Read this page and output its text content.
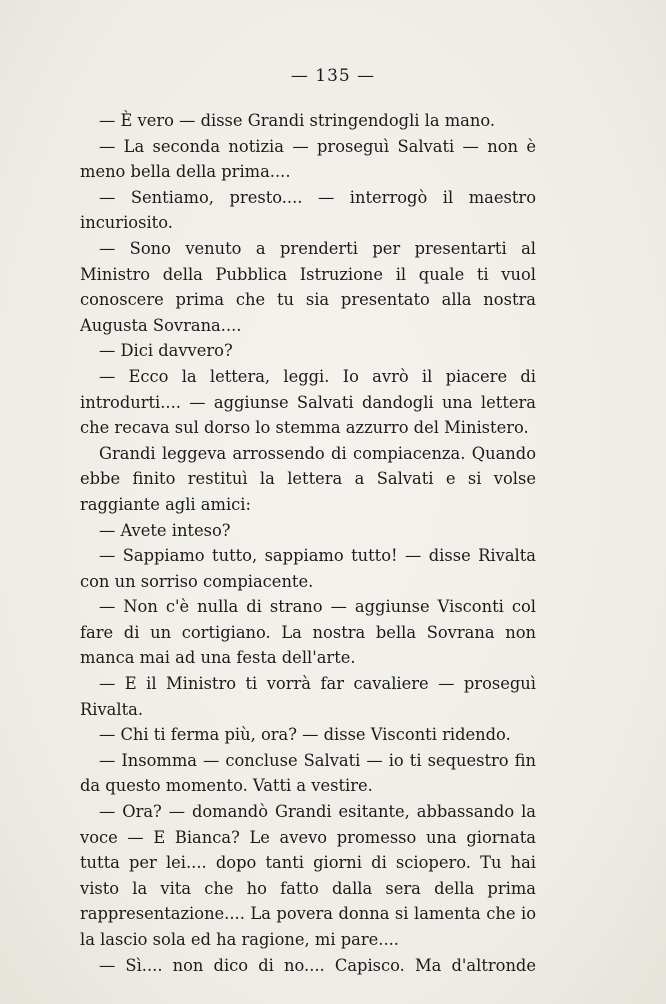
— 135 —

— È vero — disse Grandi stringendogli la mano.

— La seconda notizia — proseguì Salvati — non è meno bella della prima....

— Sentiamo, presto.... — interrogò il maestro incuriosito.

— Sono venuto a prenderti per presentarti al Ministro della Pubblica Istruzione il quale ti vuol conoscere prima che tu sia presentato alla nostra Augusta Sovrana....

— Dici davvero?

— Ecco la lettera, leggi. Io avrò il piacere di introdurti.... — aggiunse Salvati dandogli una lettera che recava sul dorso lo stemma azzurro del Ministero.

Grandi leggeva arrossendo di compiacenza. Quando ebbe finito restituì la lettera a Salvati e si volse raggiante agli amici:

— Avete inteso?

— Sappiamo tutto, sappiamo tutto! — disse Rivalta con un sorriso compiacente.

— Non c'è nulla di strano — aggiunse Visconti col fare di un cortigiano. La nostra bella Sovrana non manca mai ad una festa dell'arte.

— E il Ministro ti vorrà far cavaliere — proseguì Rivalta.

— Chi ti ferma più, ora? — disse Visconti ridendo.

— Insomma — concluse Salvati — io ti sequestro fin da questo momento. Vatti a vestire.

— Ora? — domandò Grandi esitante, abbassando la voce — E Bianca? Le avevo promesso una giornata tutta per lei.... dopo tanti giorni di sciopero. Tu hai visto la vita che ho fatto dalla sera della prima rappresentazione.... La povera donna si lamenta che io la lascio sola ed ha ragione, mi pare....

— Sì.... non dico di no.... Capisco. Ma d'altronde
